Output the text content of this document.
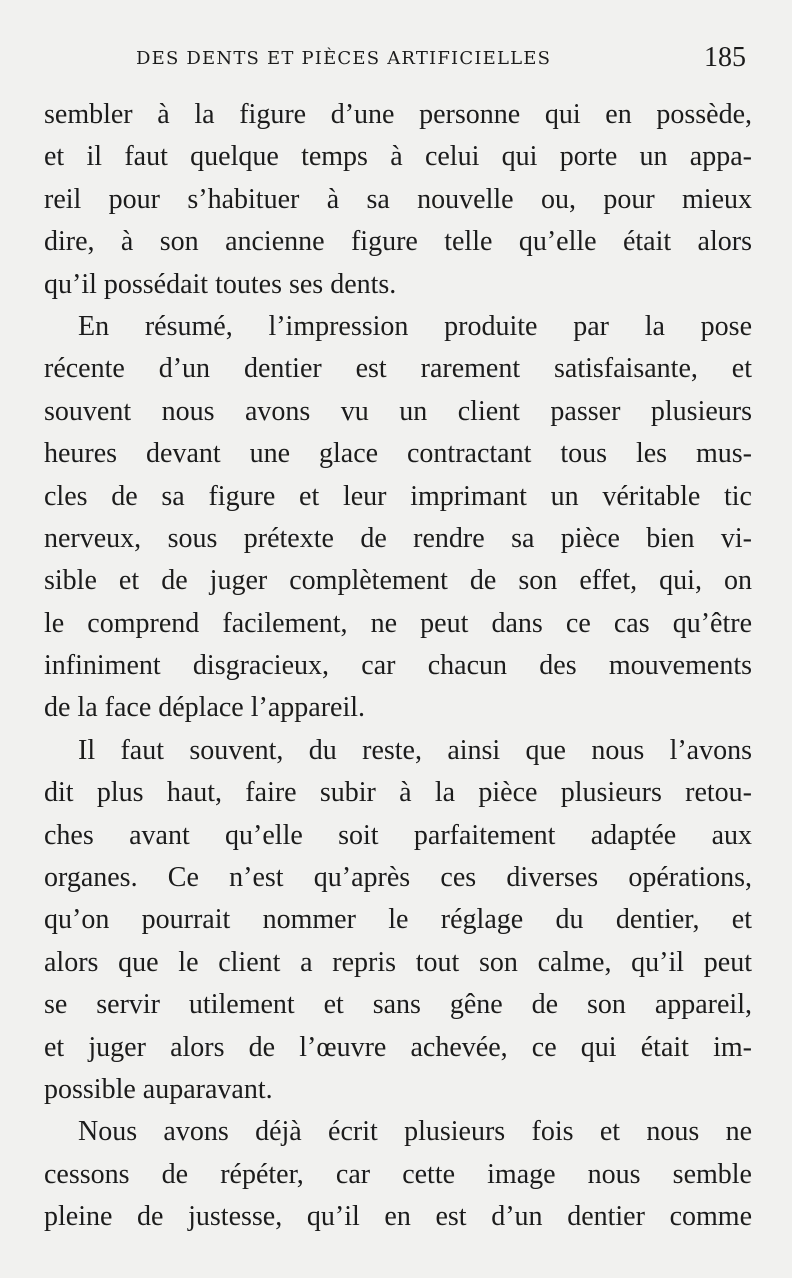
DES DENTS ET PIÈCES ARTIFICIELLES	185
sembler à la figure d’une personne qui en possède,
et il faut quelque temps à celui qui porte un appa-
reil pour s’habituer à sa nouvelle ou, pour mieux
dire, à son ancienne figure telle qu’elle était alors
qu’il possédait toutes ses dents.
En résumé, l’impression produite par la pose
récente d’un dentier est rarement satisfaisante, et
souvent nous avons vu un client passer plusieurs
heures devant une glace contractant tous les mus-
cles de sa figure et leur imprimant un véritable tic
nerveux, sous prétexte de rendre sa pièce bien vi-
sible et de juger complètement de son effet, qui, on
le comprend facilement, ne peut dans ce cas qu’être
infiniment disgracieux, car chacun des mouvements
de la face déplace l’appareil.
Il faut souvent, du reste, ainsi que nous l’avons
dit plus haut, faire subir à la pièce plusieurs retou-
ches avant qu’elle soit parfaitement adaptée aux
organes. Ce n’est qu’après ces diverses opérations,
qu’on pourrait nommer le réglage du dentier, et
alors que le client a repris tout son calme, qu’il peut
se servir utilement et sans gêne de son appareil,
et juger alors de l’œuvre achevée, ce qui était im-
possible auparavant.
Nous avons déjà écrit plusieurs fois et nous ne
cessons de répéter, car cette image nous semble
pleine de justesse, qu’il en est d’un dentier comme
